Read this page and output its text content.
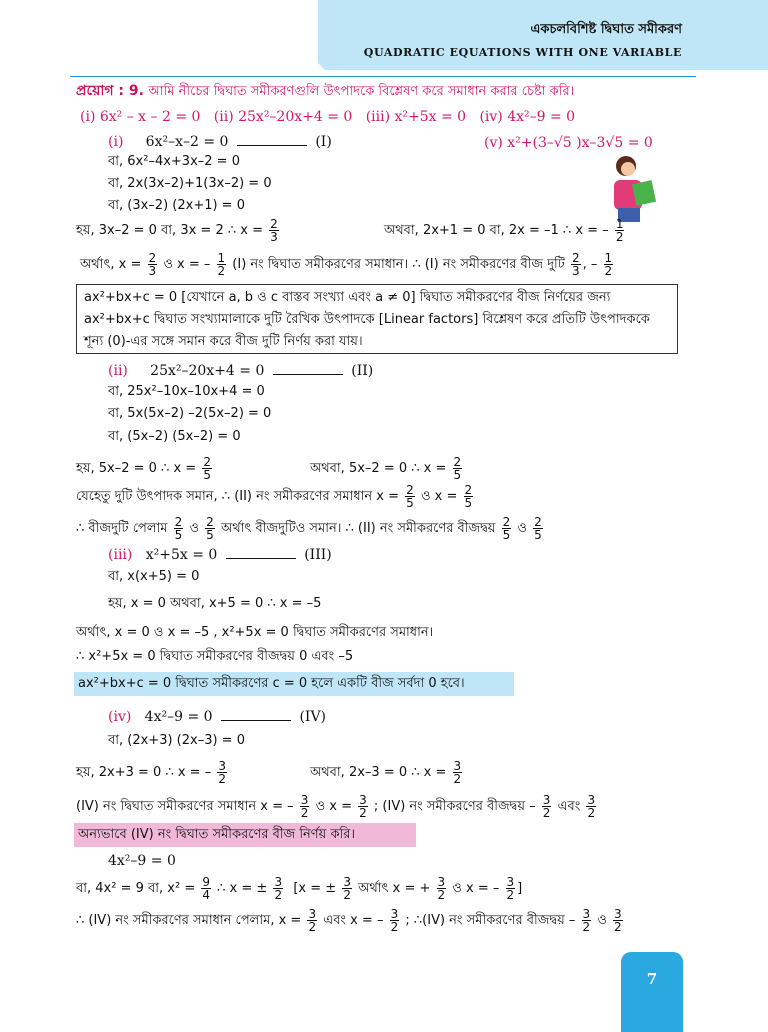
একচলবিশিষ্ট দ্বিঘাত সমীকরণ
QUADRATIC EQUATIONS WITH ONE VARIABLE
প্রয়োগ : 9. আমি নীচের দ্বিঘাত সমীকরণগুলি উৎপাদকে বিশ্লেষণ করে সমাধান করার চেষ্টা করি।
(i) 6x² – x – 2 = 0 (ii) 25x²–20x+4 = 0 (iii) x²+5x = 0 (iv) 4x²–9 = 0
(v) x²+(3–√5 )x–3√5 = 0
(i) 6x²–x–2 = 0	(I)
বা, 6x²–4x+3x–2 = 0
বা, 2x(3x–2)+1(3x–2) = 0
বা, (3x–2) (2x+1) = 0
হয়, 3x–2 = 0 বা, 3x = 2 ∴ $x = \frac{2}{3}$	অথবা, 2x+1 = 0 বা, 2x = –1 ∴ x = – $\frac{1}{2}$
অর্থাৎ, $x = \frac{2}{3}$ ও x = – $\frac{1}{2} (I)$ নং দ্বিঘাত সমীকরণের সমাধান। ∴ (I) নং সমীকরণের বীজ দুটি $\frac{2}{3}$ , – $\frac{1}{2}$
ax²+bx+c = 0 [যেখানে a, b ও c বাস্তব সংখ্যা এবং a ≠ 0] দ্বিঘাত সমীকরণের বীজ নির্ণয়ের জন্য
ax²+bx+c দ্বিঘাত সংখ্যামালাকে দুটি রৈখিক উৎপাদকে [Linear factors] বিশ্লেষণ করে প্রতিটি উৎপাদককে
শূন্য (0)-এর সঙ্গে সমান করে বীজ দুটি নির্ণয় করা যায়।
(ii) 25x²–20x+4 = 0	(II)
বা, 25x²–10x–10x+4 = 0
বা, 5x(5x–2) –2(5x–2) = 0
বা, (5x–2) (5x–2) = 0
হয়, 5x–2 = 0 ∴ $x = \frac{2}{5}$	অথবা, 5x–2 = 0 ∴ $x = \frac{2}{5}$
যেহেতু দুটি উৎপাদক সমান, ∴ (II) নং সমীকরণের সমাধান $x = \frac{2}{5}$ ও $x = \frac{2}{5}$
∴ বীজদুটি পেলাম $\frac{2}{5}$ ও $\frac{2}{5}$ অর্থাৎ বীজদুটিও সমান। ∴ (II) নং সমীকরণের বীজদ্বয় $\frac{2}{5}$ ও $\frac{2}{5}$
(iii) x²+5x = 0	(III)
বা, x(x+5) = 0
হয়, x = 0 অথবা, x+5 = 0 ∴ x = –5
অর্থাৎ, x = 0 ও x = –5 , x²+5x = 0 দ্বিঘাত সমীকরণের সমাধান।
∴ x²+5x = 0 দ্বিঘাত সমীকরণের বীজদ্বয় 0 এবং –5
ax²+bx+c = 0 দ্বিঘাত সমীকরণের c = 0 হলে একটি বীজ সর্বদা 0 হবে।
(iv) 4x²–9 = 0	(IV)
বা, (2x+3) (2x–3) = 0
হয়, 2x+3 = 0 ∴ x = – $\frac{3}{2}$	অথবা, 2x–3 = 0 ∴ $x = \frac{3}{2}$
(IV) নং দ্বিঘাত সমীকরণের সমাধান x = – $\frac{3}{2}$ ও $x = \frac{3}{2}$ ; (IV) নং সমীকরণের বীজদ্বয় – $\frac{3}{2}$ এবং $\frac{3}{2}$
অন্যভাবে (IV) নং দ্বিঘাত সমীকরণের বীজ নির্ণয় করি।
4x²–9 = 0
বা, 4x² = 9 বা, $x^2 = \frac{9}{4}$ ∴ x = ± $\frac{3}{2} [x$ = ± $\frac{3}{2}$ অর্থাৎ x = + $\frac{3}{2}$ ও x = – $\frac{3}{2}$ ]
∴ (IV) নং সমীকরণের সমাধান পেলাম, $x = \frac{3}{2}$ এবং x = – $\frac{3}{2}$ ; ∴(IV) নং সমীকরণের বীজদ্বয় – $\frac{3}{2}$ ও $\frac{3}{2}$
7
